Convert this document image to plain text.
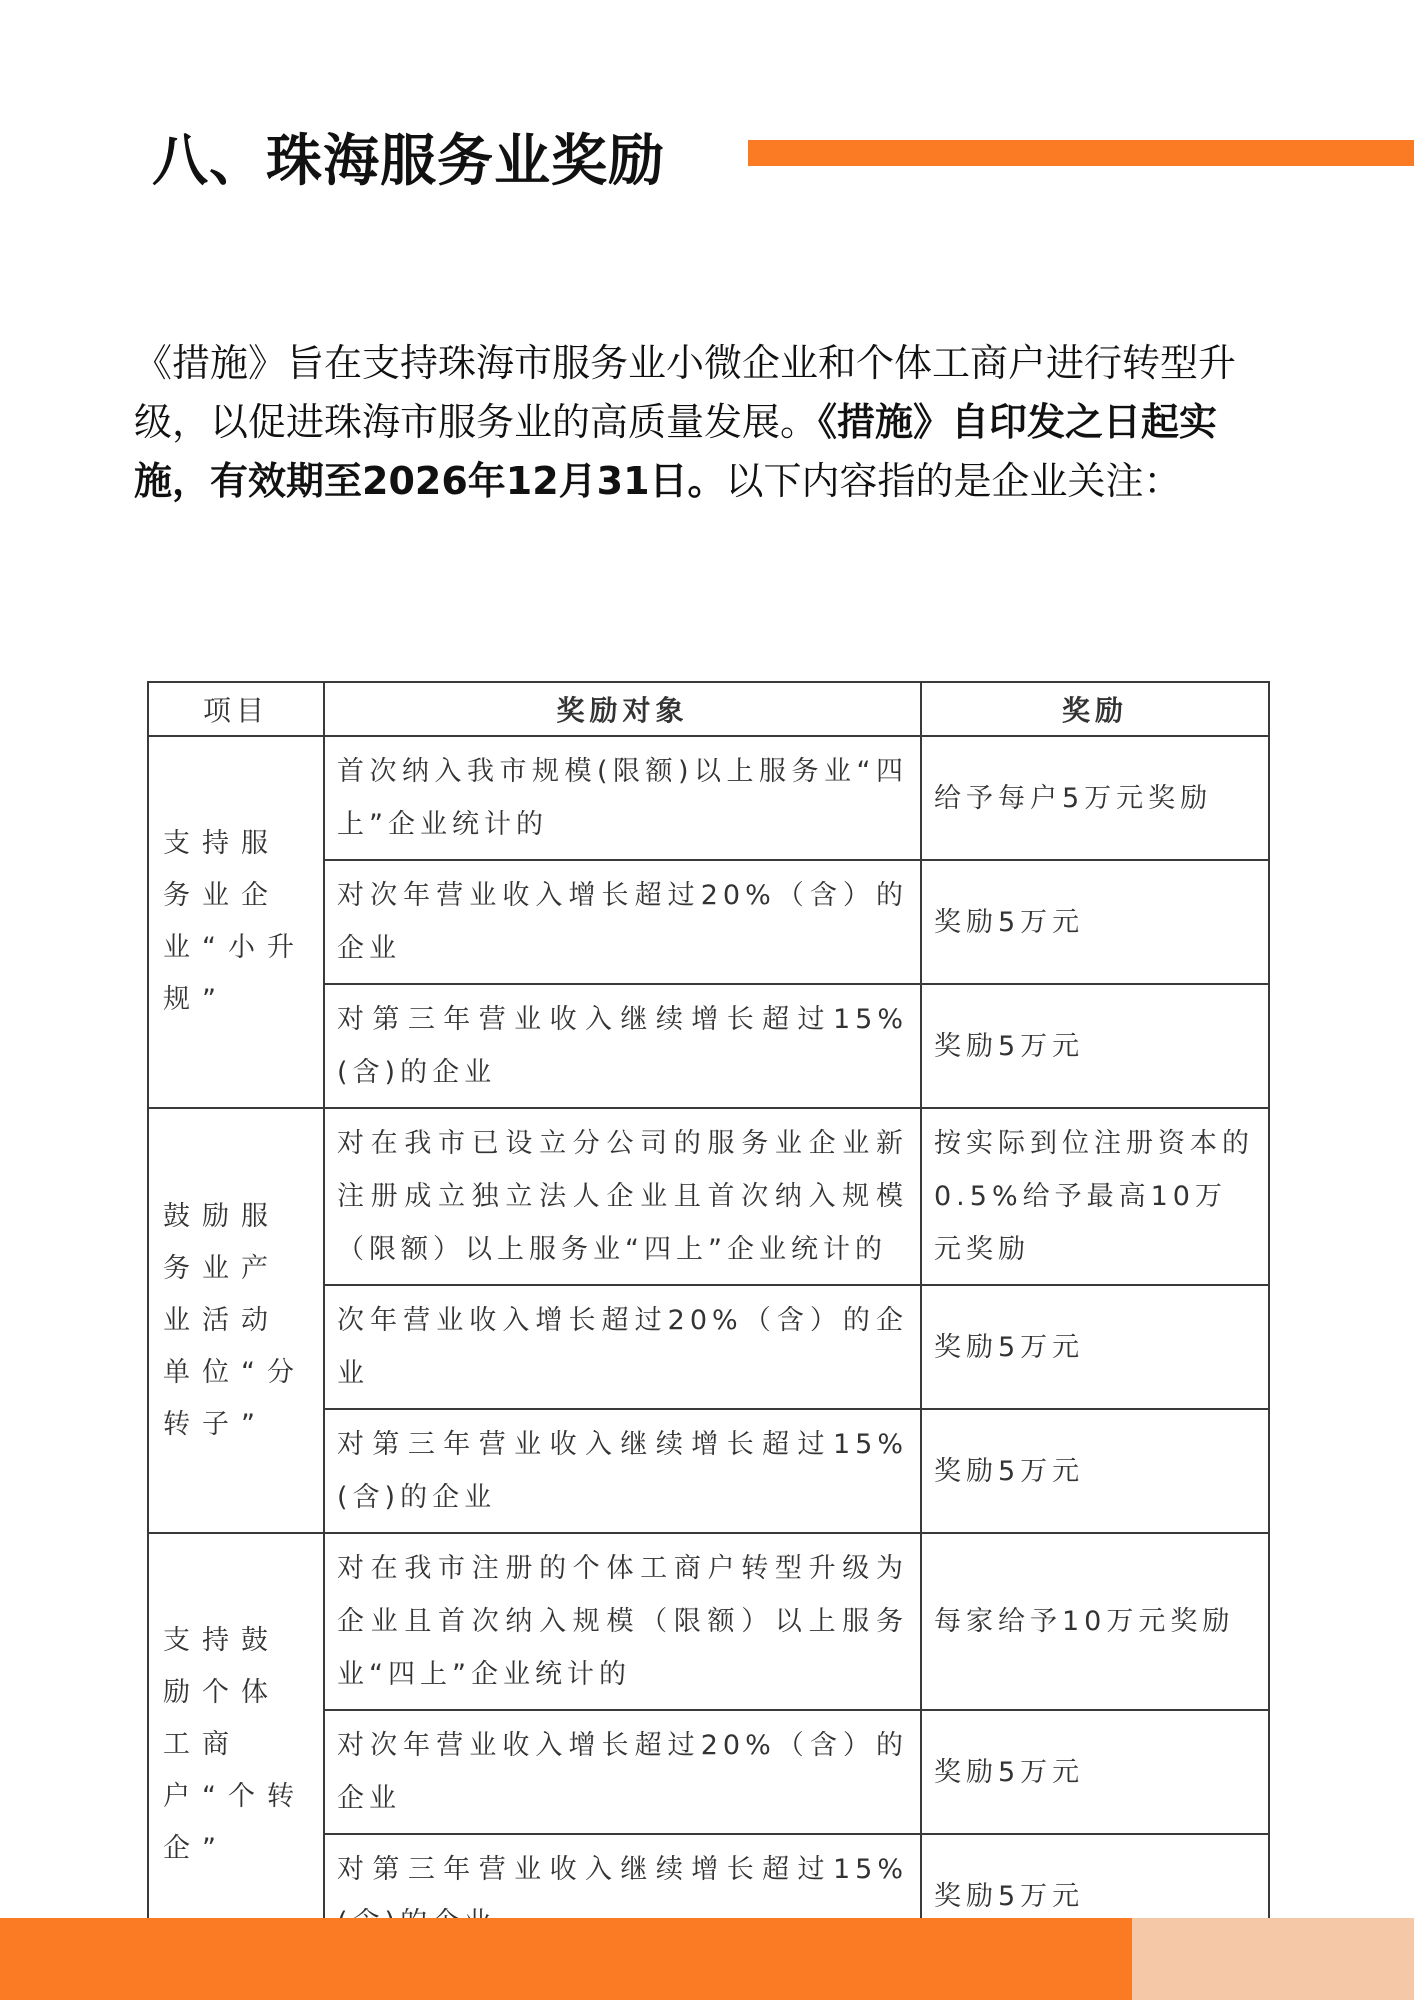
八、珠海服务业奖励

《措施》旨在支持珠海市服务业小微企业和个体工商户进行转型升级，以促进珠海市服务业的高质量发展。《措施》自印发之日起实施，有效期至2026年12月31日。以下内容指的是企业关注：

项目	奖励对象	奖励
支持服务业企业“小升规”	首次纳入我市规模(限额)以上服务业“四上”企业统计的	给予每户5万元奖励
	对次年营业收入增长超过20%（含）的企业	奖励5万元
	对第三年营业收入继续增长超过15%(含)的企业	奖励5万元
鼓励服务业产业活动单位“分转子”	对在我市已设立分公司的服务业企业新注册成立独立法人企业且首次纳入规模（限额）以上服务业“四上”企业统计的	按实际到位注册资本的0.5%给予最高10万元奖励
	次年营业收入增长超过20%（含）的企业	奖励5万元
	对第三年营业收入继续增长超过15%(含)的企业	奖励5万元
支持鼓励个体工商户“个转企”	对在我市注册的个体工商户转型升级为企业且首次纳入规模（限额）以上服务业“四上”企业统计的	每家给予10万元奖励
	对次年营业收入增长超过20%（含）的企业	奖励5万元
	对第三年营业收入继续增长超过15%	奖励5万元
